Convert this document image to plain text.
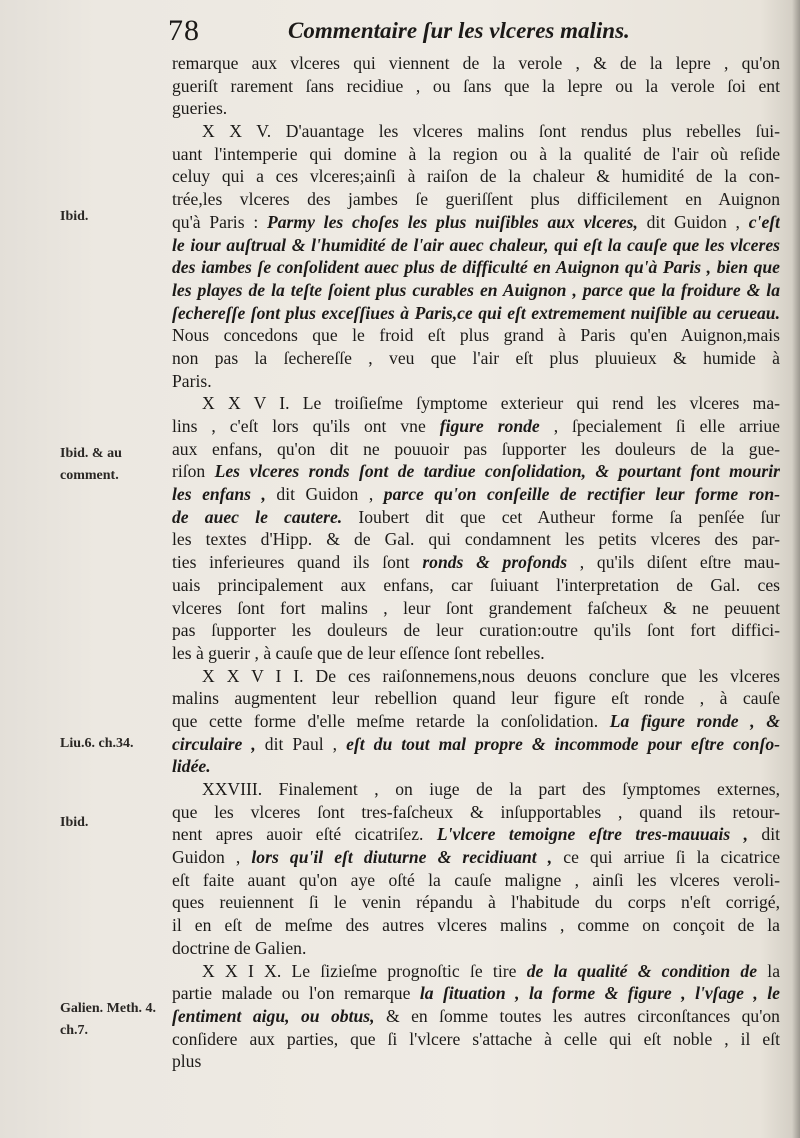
78	Commentaire ſur les vlceres malins.
Ibid.
Ibid. & au comment.
Liu.6. ch.34.
Ibid.
Galien. Meth. 4. ch.7.
remarque aux vlceres qui viennent de la verole , & de la lepre , qu'on
gueriſt rarement ſans recidiue , ou ſans que la lepre ou la verole ſoi ent
gueries.
X X V. D'auantage les vlceres malins ſont rendus plus rebelles ſui-
uant l'intemperie qui domine à la region ou à la qualité de l'air où reſide
celuy qui a ces vlceres;ainſi à raiſon de la chaleur & humidité de la con-
trée,les vlceres des jambes ſe gueriſſent plus difficilement en Auignon
qu'à Paris : Parmy les choſes les plus nuiſibles aux vlceres, dit Guidon , c'eſt
le iour auſtrual & l'humidité de l'air auec chaleur, qui eſt la cauſe que les vlceres
des iambes ſe conſolident auec plus de difficulté en Auignon qu'à Paris , bien que
les playes de la teſte ſoient plus curables en Auignon , parce que la froidure & la
ſechereſſe ſont plus exceſſiues à Paris,ce qui eſt extremement nuiſible au cerueau.
Nous concedons que le froid eſt plus grand à Paris qu'en Auignon,mais
non pas la ſechereſſe , veu que l'air eſt plus pluuieux & humide à
Paris.
X X V I. Le troiſieſme ſymptome exterieur qui rend les vlceres ma-
lins , c'eſt lors qu'ils ont vne figure ronde , ſpecialement ſi elle arriue
aux enfans, qu'on dit ne pouuoir pas ſupporter les douleurs de la gue-
riſon Les vlceres ronds ſont de tardiue conſolidation, & pourtant font mourir
les enfans , dit Guidon , parce qu'on conſeille de rectifier leur forme ron-
de auec le cautere. Ioubert dit que cet Autheur forme ſa penſée ſur
les textes d'Hipp. & de Gal. qui condamnent les petits vlceres des par-
ties inferieures quand ils ſont ronds & profonds , qu'ils diſent eſtre mau-
uais principalement aux enfans, car ſuiuant l'interpretation de Gal. ces
vlceres ſont fort malins , leur ſont grandement faſcheux & ne peuuent
pas ſupporter les douleurs de leur curation:outre qu'ils ſont fort diffici-
les à guerir , à cauſe que de leur eſſence ſont rebelles.
X X V I I. De ces raiſonnemens,nous deuons conclure que les vlceres
malins augmentent leur rebellion quand leur figure eſt ronde , à cauſe
que cette forme d'elle meſme retarde la conſolidation. La figure ronde , &
circulaire , dit Paul , eſt du tout mal propre & incommode pour eſtre conſo-
lidée.
XXVIII. Finalement , on iuge de la part des ſymptomes externes,
que les vlceres ſont tres-faſcheux & inſupportables , quand ils retour-
nent apres auoir eſté cicatriſez. L'vlcere temoigne eſtre tres-mauuais , dit
Guidon , lors qu'il eſt diuturne & recidiuant , ce qui arriue ſi la cicatrice
eſt faite auant qu'on aye oſté la cauſe maligne , ainſi les vlceres veroli-
ques reuiennent ſi le venin répandu à l'habitude du corps n'eſt corrigé,
il en eſt de meſme des autres vlceres malins , comme on conçoit de la
doctrine de Galien.
X X I X. Le ſizieſme prognoſtic ſe tire de la qualité & condition de la
partie malade ou l'on remarque la ſituation , la forme & figure , l'vſage , le
ſentiment aigu, ou obtus, & en ſomme toutes les autres circonſtances qu'on
conſidere aux parties, que ſi l'vlcere s'attache à celle qui eſt noble , il eſt
plus
